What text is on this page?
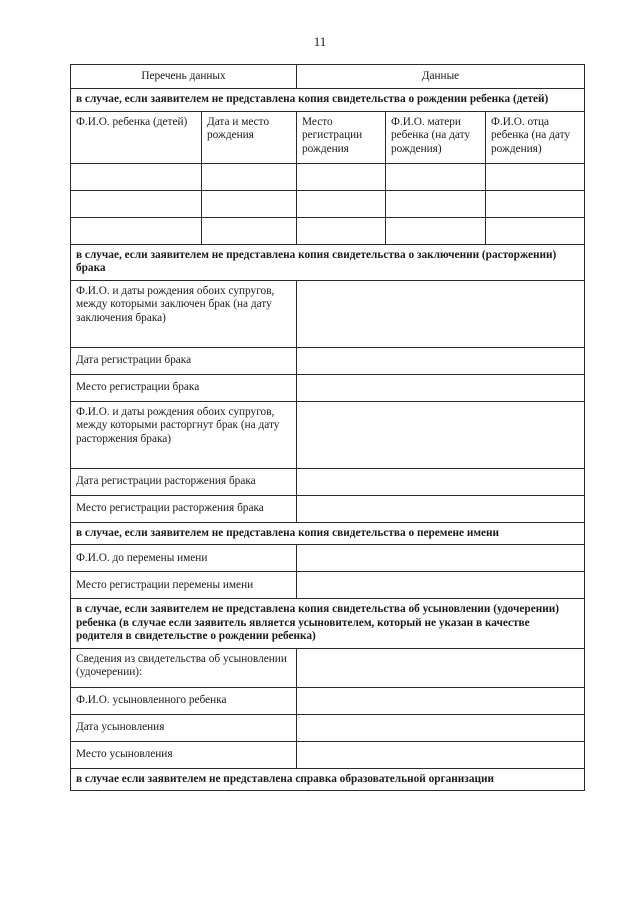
11
Перечень данных		Данные		
в случае, если заявителем не представлена копия свидетельства о рождении ребенка (детей)				
Ф.И.О. ребенка (детей)	Дата и место рождения	Место регистрации рождения	Ф.И.О. матери ребенка (на дату рождения)	Ф.И.О. отца ребенка (на дату рождения)

в случае, если заявителем не представлена копия свидетельства о заключении (расторжении) брака				
Ф.И.О. и даты рождения обоих супругов, между которыми заключен брак (на дату заключения брака)				
Дата регистрации брака				
Место регистрации брака				
Ф.И.О. и даты рождения обоих супругов, между которыми расторгнут брак (на дату расторжения брака)				
Дата регистрации расторжения брака				
Место регистрации расторжения брака				
в случае, если заявителем не представлена копия свидетельства о перемене имени				
Ф.И.О. до перемены имени				
Место регистрации перемены имени				
в случае, если заявителем не представлена копия свидетельства об усыновлении (удочерении) ребенка (в случае если заявитель является усыновителем, который не указан в качестве родителя в свидетельстве о рождении ребенка)				
Сведения из свидетельства об усыновлении (удочерении):				
Ф.И.О. усыновленного ребенка				
Дата усыновления				
Место усыновления				
в случае если заявителем не представлена справка образовательной организации				
